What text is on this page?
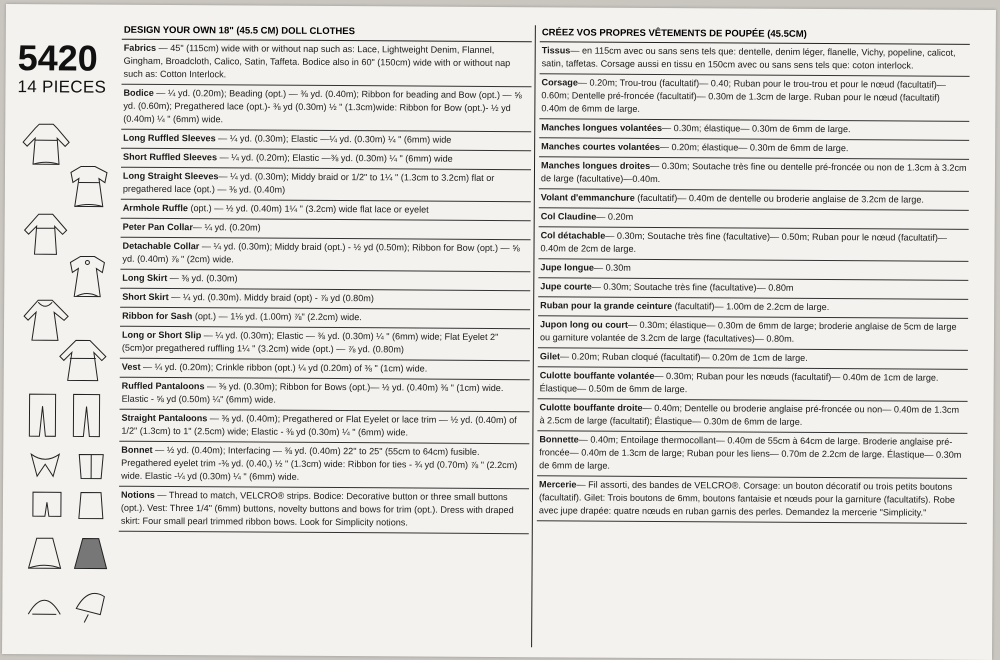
5420
14 PIECES
DESIGN YOUR OWN 18" (45.5 CM) DOLL CLOTHES
Fabrics — 45" (115cm) wide with or without nap such as: Lace, Lightweight Denim, Flannel, Gingham, Broadcloth, Calico, Satin, Taffeta. Bodice also in 60" (150cm) wide with or without nap such as: Cotton Interlock.
Bodice — ¼ yd. (0.20m); Beading (opt.) — ⅜ yd. (0.40m); Ribbon for beading and Bow (opt.) — ⅝ yd. (0.60m); Pregathered lace (opt.)- ⅜ yd (0.30m) ½ " (1.3cm)wide: Ribbon for Bow (opt.)- ½ yd (0.40m) ¼ " (6mm) wide.
Long Ruffled Sleeves — ¼ yd. (0.30m); Elastic —¼ yd. (0.30m) ¼ " (6mm) wide
Short Ruffled Sleeves — ¼ yd. (0.20m); Elastic —⅜ yd. (0.30m) ¼ " (6mm) wide
Long Straight Sleeves— ¼ yd. (0.30m); Middy braid or 1/2" to 1¼ " (1.3cm to 3.2cm) flat or pregathered lace (opt.) — ⅜ yd. (0.40m)
Armhole Ruffle (opt.) — ½ yd. (0.40m) 1¼ " (3.2cm) wide flat lace or eyelet
Peter Pan Collar— ¼ yd. (0.20m)
Detachable Collar — ¼ yd. (0.30m); Middy braid (opt.) - ½ yd (0.50m); Ribbon for Bow (opt.) — ⅝ yd. (0.40m) ⅞ " (2cm) wide.
Long Skirt — ⅜ yd. (0.30m)
Short Skirt — ¼ yd. (0.30m). Middy braid (opt) - ⅞ yd (0.80m)
Ribbon for Sash (opt.) — 1⅛ yd. (1.00m) ⅞" (2.2cm) wide.
Long or Short Slip — ¼ yd. (0.30m); Elastic — ⅜ yd. (0.30m) ¼ " (6mm) wide; Flat Eyelet 2" (5cm)or pregathered ruffling 1¼ " (3.2cm) wide (opt.) — ⅞ yd. (0.80m)
Vest — ¼ yd. (0.20m); Crinkle ribbon (opt.) ¼ yd (0.20m) of ⅜ " (1cm) wide.
Ruffled Pantaloons — ⅜ yd. (0.30m); Ribbon for Bows (opt.)— ½ yd. (0.40m) ⅜ " (1cm) wide. Elastic - ⅝ yd (0.50m) ¼" (6mm) wide.
Straight Pantaloons — ⅜ yd. (0.40m); Pregathered or Flat Eyelet or lace trim — ½ yd. (0.40m) of 1/2" (1.3cm) to 1" (2.5cm) wide; Elastic - ⅜ yd (0.30m) ¼ " (6mm) wide.
Bonnet — ½ yd. (0.40m); Interfacing — ⅜ yd. (0.40m) 22" to 25" (55cm to 64cm) fusible. Pregathered eyelet trim -⅜ yd. (0.40,) ½ " (1.3cm) wide: Ribbon for ties - ¾ yd (0.70m) ⅞ " (2.2cm) wide. Elastic -¼ yd (0.30m) ¼ " (6mm) wide.
Notions — Thread to match, VELCRO® strips. Bodice: Decorative button or three small buttons (opt.). Vest: Three 1/4" (6mm) buttons, novelty buttons and bows for trim (opt.). Dress with draped skirt: Four small pearl trimmed ribbon bows. Look for Simplicity notions.
CRÉEZ VOS PROPRES VÊTEMENTS DE POUPÉE (45.5CM)
Tissus— en 115cm avec ou sans sens tels que: dentelle, denim léger, flanelle, Vichy, popeline, calicot, satin, taffetas. Corsage aussi en tissu en 150cm avec ou sans sens tels que: coton interlock.
Corsage— 0.20m; Trou-trou (facultatif)— 0.40; Ruban pour le trou-trou et pour le nœud (facultatif)— 0.60m; Dentelle pré-froncée (facultatif)— 0.30m de 1.3cm de large. Ruban pour le nœud (facultatif) 0.40m de 6mm de large.
Manches longues volantées— 0.30m; élastique— 0.30m de 6mm de large.
Manches courtes volantées— 0.20m; élastique— 0.30m de 6mm de large.
Manches longues droites— 0.30m; Soutache très fine ou dentelle pré-froncée ou non de 1.3cm à 3.2cm de large (facultative)—0.40m.
Volant d'emmanchure (facultatif)— 0.40m de dentelle ou broderie anglaise de 3.2cm de large.
Col Claudine— 0.20m
Col détachable— 0.30m; Soutache très fine (facultative)— 0.50m; Ruban pour le nœud (facultatif)— 0.40m de 2cm de large.
Jupe longue— 0.30m
Jupe courte— 0.30m; Soutache très fine (facultative)— 0.80m
Ruban pour la grande ceinture (facultatif)— 1.00m de 2.2cm de large.
Jupon long ou court— 0.30m; élastique— 0.30m de 6mm de large; broderie anglaise de 5cm de large ou garniture volantée de 3.2cm de large (facultatives)— 0.80m.
Gilet— 0.20m; Ruban cloqué (facultatif)— 0.20m de 1cm de large.
Culotte bouffante volantée— 0.30m; Ruban pour les nœuds (facultatif)— 0.40m de 1cm de large. Élastique— 0.50m de 6mm de large.
Culotte bouffante droite— 0.40m; Dentelle ou broderie anglaise pré-froncée ou non— 0.40m de 1.3cm à 2.5cm de large (facultatif); Élastique— 0.30m de 6mm de large.
Bonnette— 0.40m; Entoilage thermocollant— 0.40m de 55cm à 64cm de large. Broderie anglaise pré-froncée— 0.40m de 1.3cm de large; Ruban pour les liens— 0.70m de 2.2cm de large. Élastique— 0.30m de 6mm de large.
Mercerie— Fil assorti, des bandes de VELCRO®. Corsage: un bouton décoratif ou trois petits boutons (facultatif). Gilet: Trois boutons de 6mm, boutons fantaisie et nœuds pour la garniture (facultatifs). Robe avec jupe drapée: quatre nœuds en ruban garnis des perles. Demandez la mercerie "Simplicity."
